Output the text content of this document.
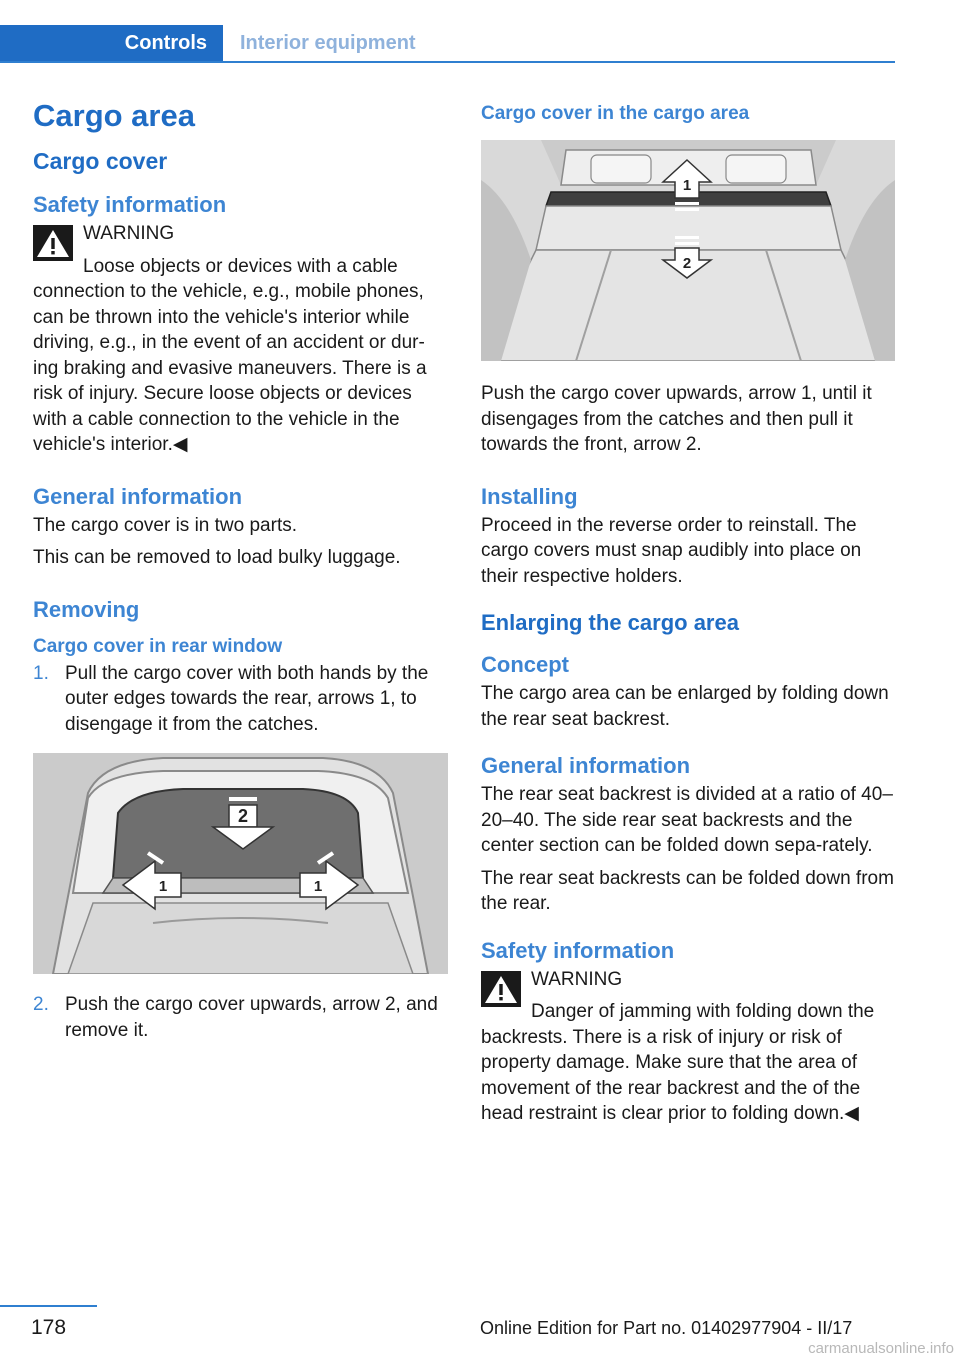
Controls	Interior equipment
Cargo area
Cargo cover
Safety information
WARNING
Loose objects or devices with a cable connection to the vehicle, e.g., mobile phones, can be thrown into the vehicle's interior while driving, e.g., in the event of an accident or dur‐ing braking and evasive maneuvers. There is a risk of injury. Secure loose objects or devices with a cable connection to the vehicle in the vehicle's interior.◀
General information
The cargo cover is in two parts.
This can be removed to load bulky luggage.
Removing
Cargo cover in rear window
1. Pull the cargo cover with both hands by the outer edges towards the rear, arrows 1, to disengage it from the catches.
2
1	1
2. Push the cargo cover upwards, arrow 2, and remove it.
Cargo cover in the cargo area
1
2
Push the cargo cover upwards, arrow 1, until it disengages from the catches and then pull it towards the front, arrow 2.
Installing
Proceed in the reverse order to reinstall. The cargo covers must snap audibly into place on their respective holders.
Enlarging the cargo area
Concept
The cargo area can be enlarged by folding down the rear seat backrest.
General information
The rear seat backrest is divided at a ratio of 40–20–40. The side rear seat backrests and the center section can be folded down sepa‐rately.
The rear seat backrests can be folded down from the rear.
Safety information
WARNING
Danger of jamming with folding down the backrests. There is a risk of injury or risk of property damage. Make sure that the area of movement of the rear backrest and the of the head restraint is clear prior to folding down.◀
178	Online Edition for Part no. 01402977904 - II/17
carmanualsonline.info
